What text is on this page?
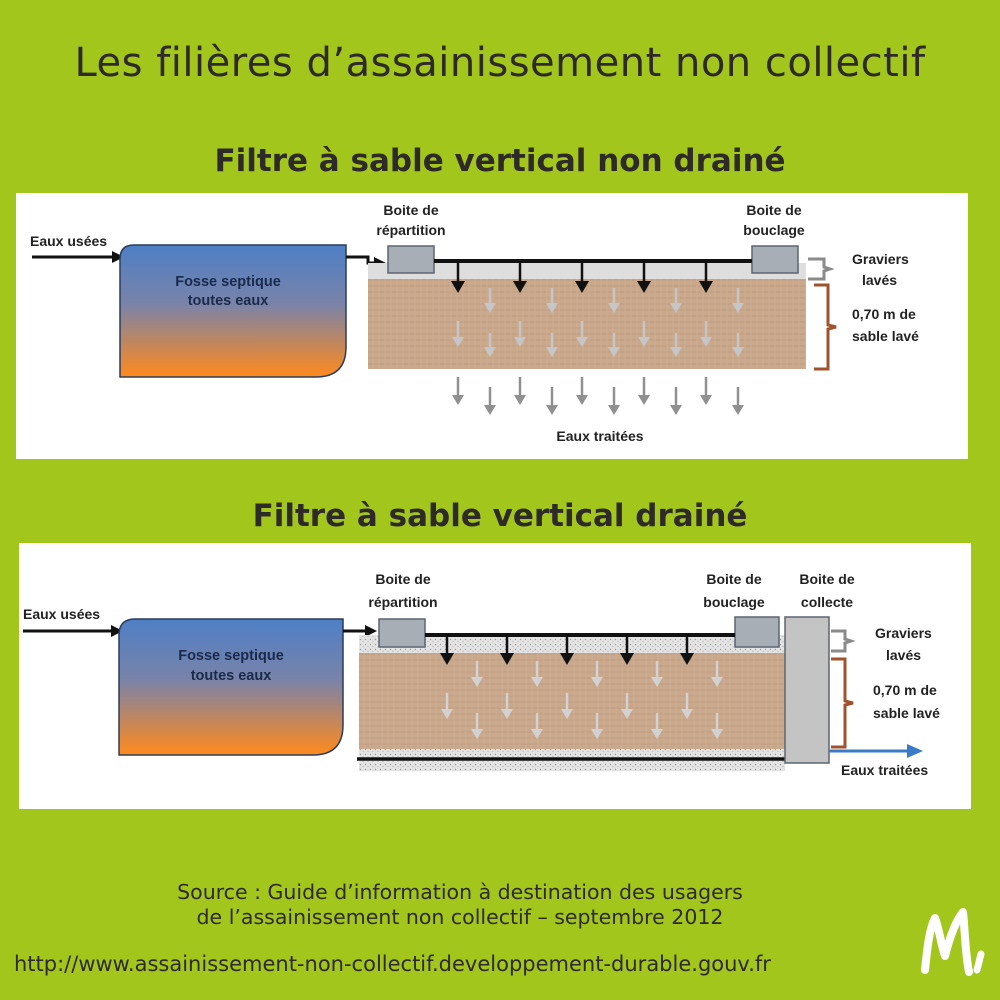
Les filières d’assainissement non collectif
Filtre à sable vertical non drainé
Eaux usées
Fosse septique
toutes eaux
Boite de
répartition
Boite de
bouclage
Eaux traitées
Graviers
lavés
0,70 m de
sable lavé
Filtre à sable vertical drainé
Eaux usées
Fosse septique
toutes eaux
Boite de
répartition
Boite de
bouclage
Boite de
collecte
Graviers
lavés
0,70 m de
sable lavé
Eaux traitées
Source : Guide d’information à destination des usagers
de l’assainissement non collectif – septembre 2012
http://www.assainissement-non-collectif.developpement-durable.gouv.fr
